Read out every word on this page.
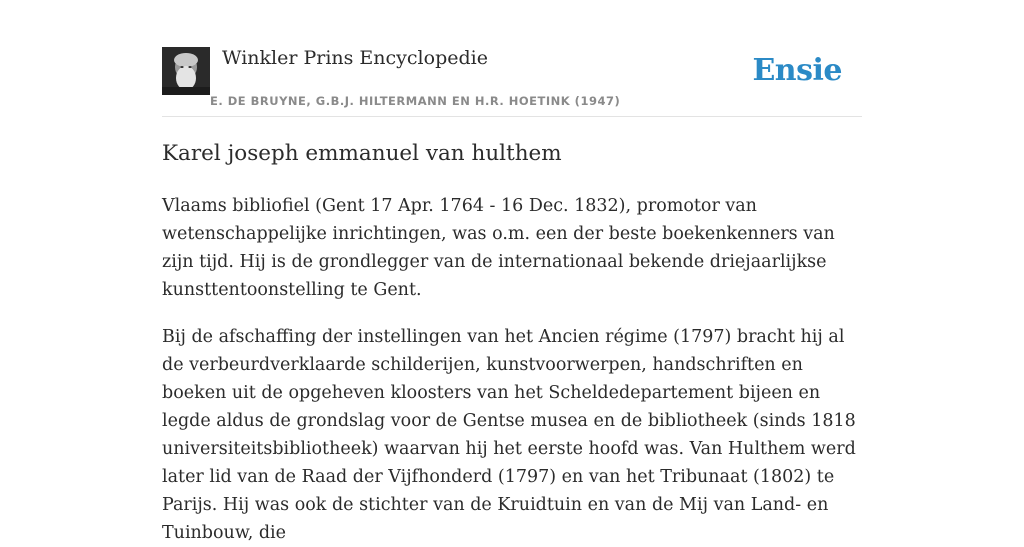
Winkler Prins Encyclopedie
E. DE BRUYNE, G.B.J. HILTERMANN EN H.R. HOETINK (1947)
Ensie
Karel joseph emmanuel van hulthem

Vlaams bibliofiel (Gent 17 Apr. 1764 - 16 Dec. 1832), promotor van wetenschappelijke inrichtingen, was o.m. een der beste boekenkenners van zijn tijd. Hij is de grondlegger van de internationaal bekende driejaarlijkse kunsttentoonstelling te Gent.

Bij de afschaffing der instellingen van het Ancien régime (1797) bracht hij al de verbeurdverklaarde schilderijen, kunstvoorwerpen, handschriften en boeken uit de opgeheven kloosters van het Scheldedepartement bijeen en legde aldus de grondslag voor de Gentse musea en de bibliotheek (sinds 1818 universiteitsbibliotheek) waarvan hij het eerste hoofd was. Van Hulthem werd later lid van de Raad der Vijfhonderd (1797) en van het Tribunaat (1802) te Parijs. Hij was ook de stichter van de Kruidtuin en van de Mij van Land- en Tuinbouw, die
